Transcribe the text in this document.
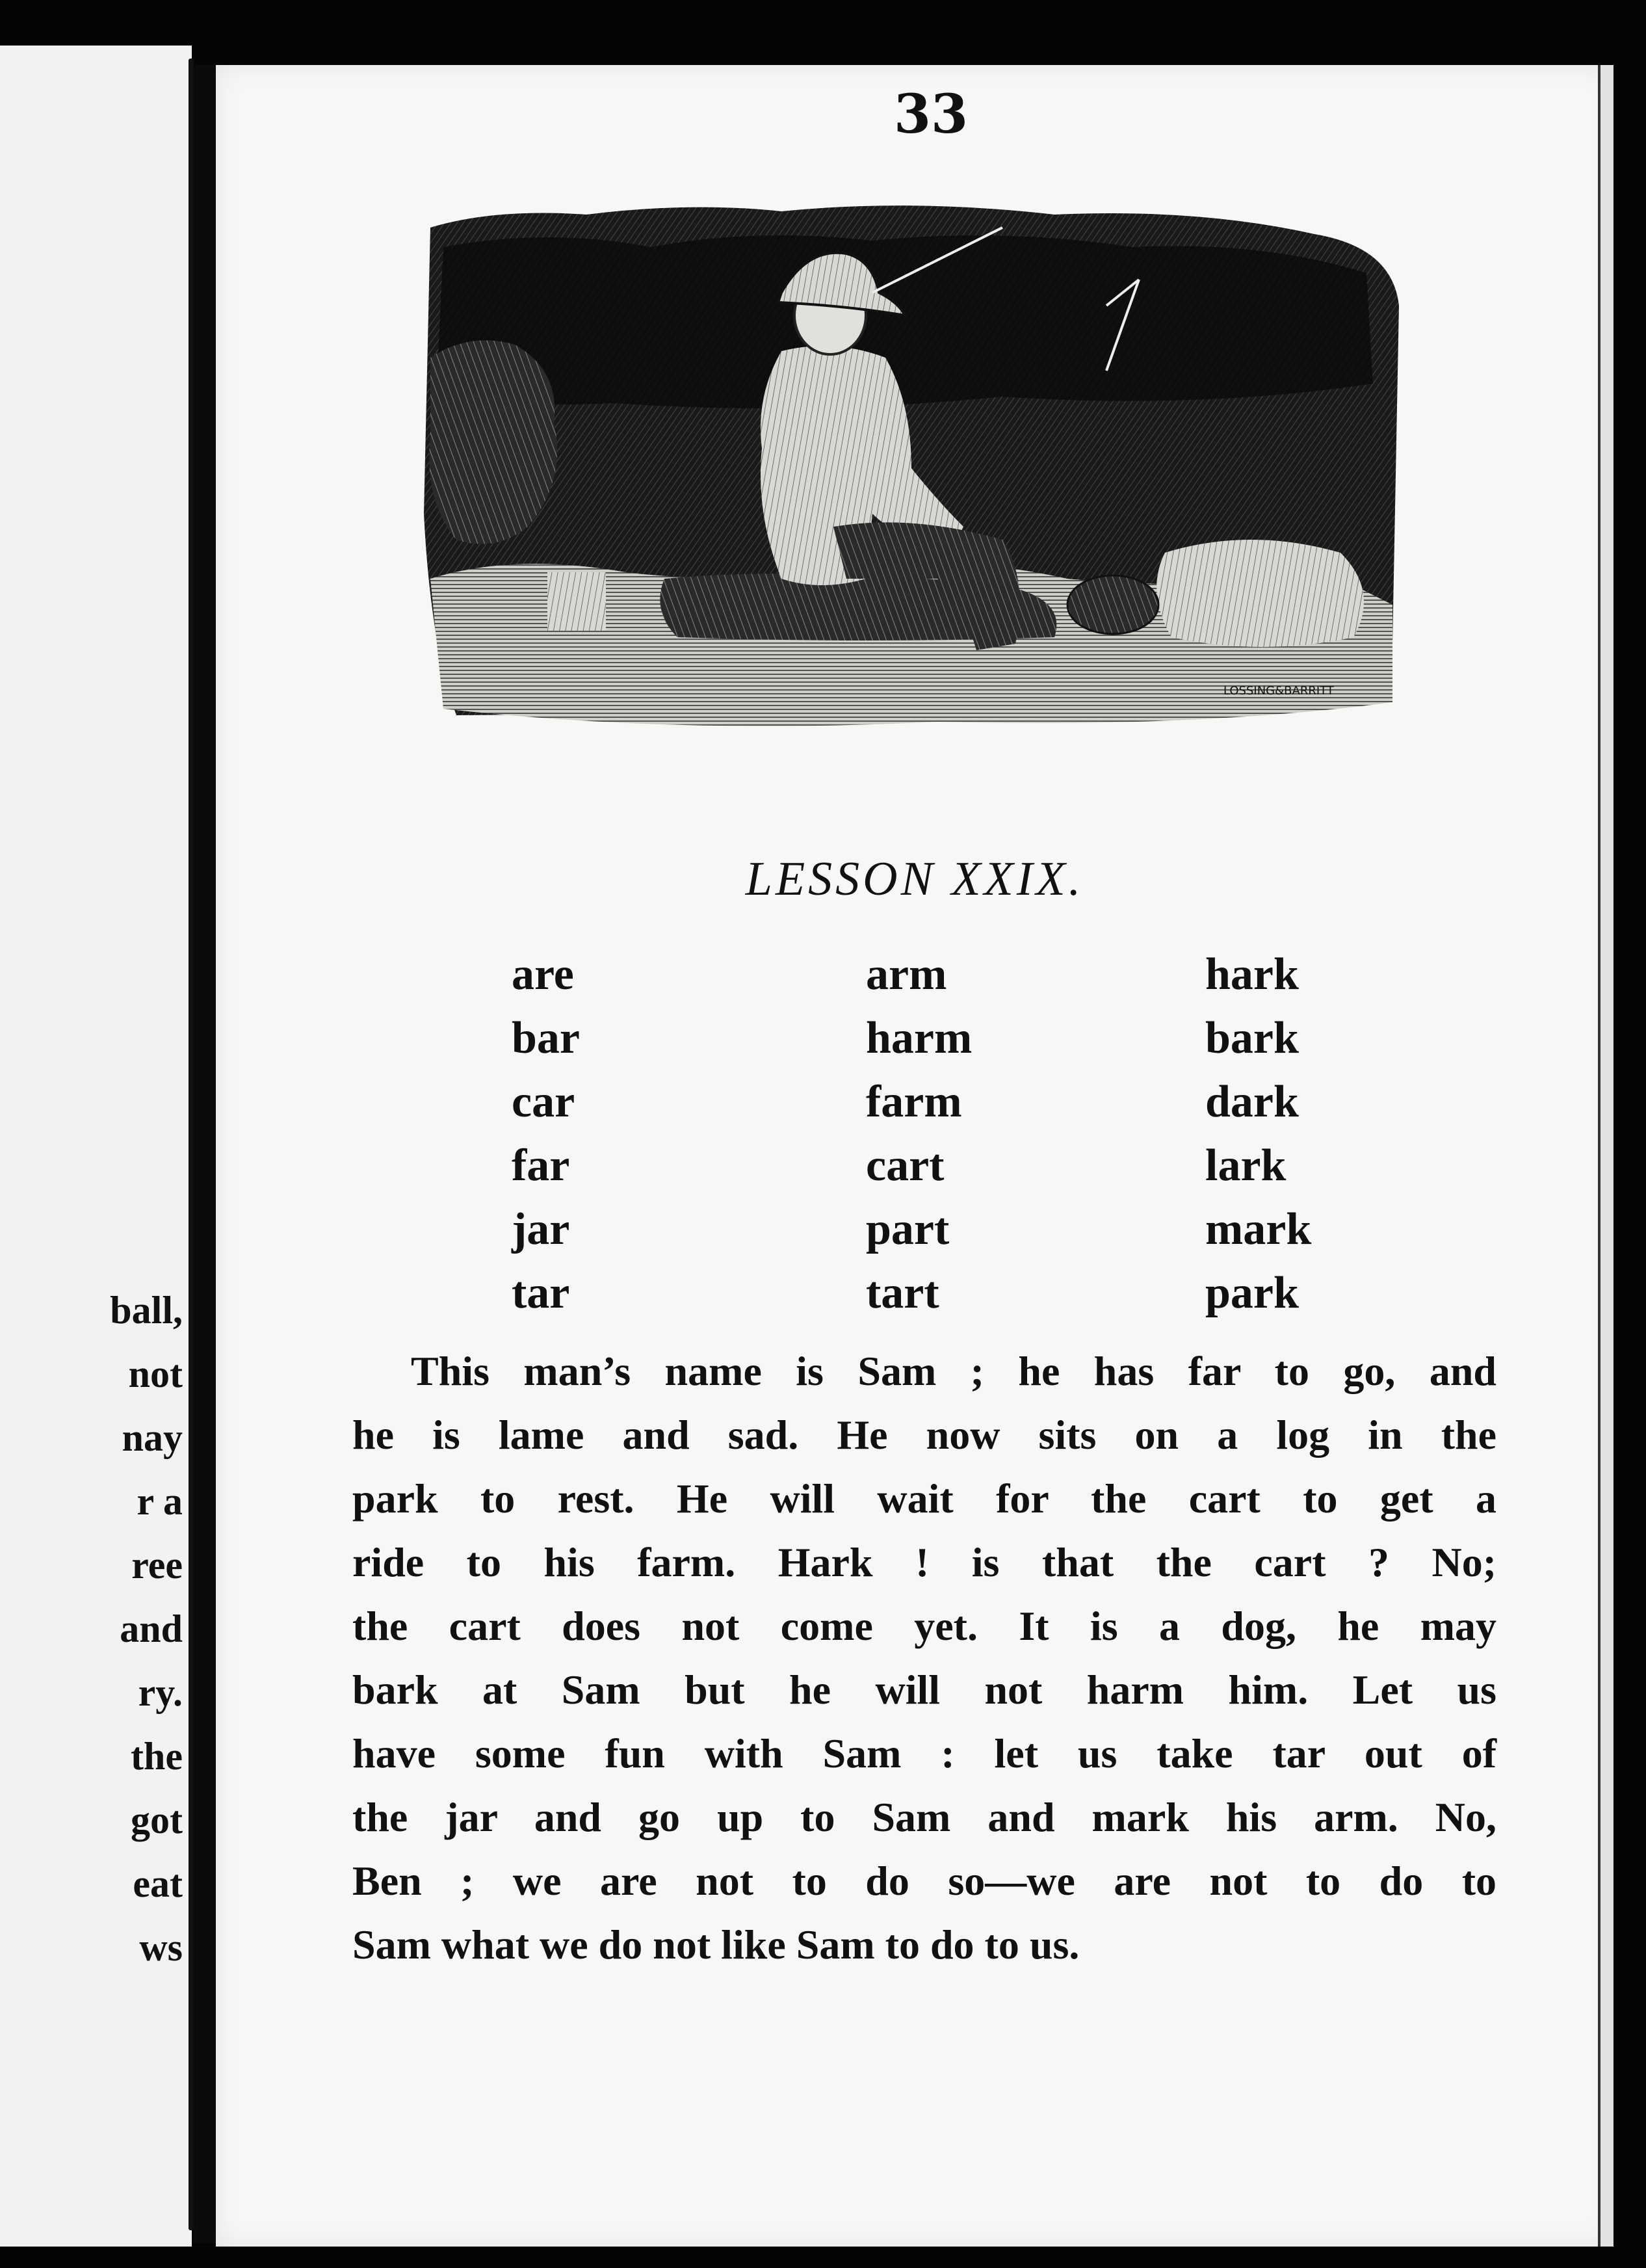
ball,
not
nay
r a
ree
and
ry.
the
got
eat
ws
33
LOSSING&BARRITT
LESSON XXIX.
are
bar
car
far
jar
tar
arm
harm
farm
cart
part
tart
hark
bark
dark
lark
mark
park
This man’s name is Sam ; he has far to go, and
he is lame and sad. He now sits on a log in the
park to rest. He will wait for the cart to get a
ride to his farm. Hark ! is that the cart ? No;
the cart does not come yet. It is a dog, he may
bark at Sam but he will not harm him. Let us
have some fun with Sam : let us take tar out of
the jar and go up to Sam and mark his arm. No,
Ben ; we are not to do so—we are not to do to
Sam what we do not like Sam to do to us.
